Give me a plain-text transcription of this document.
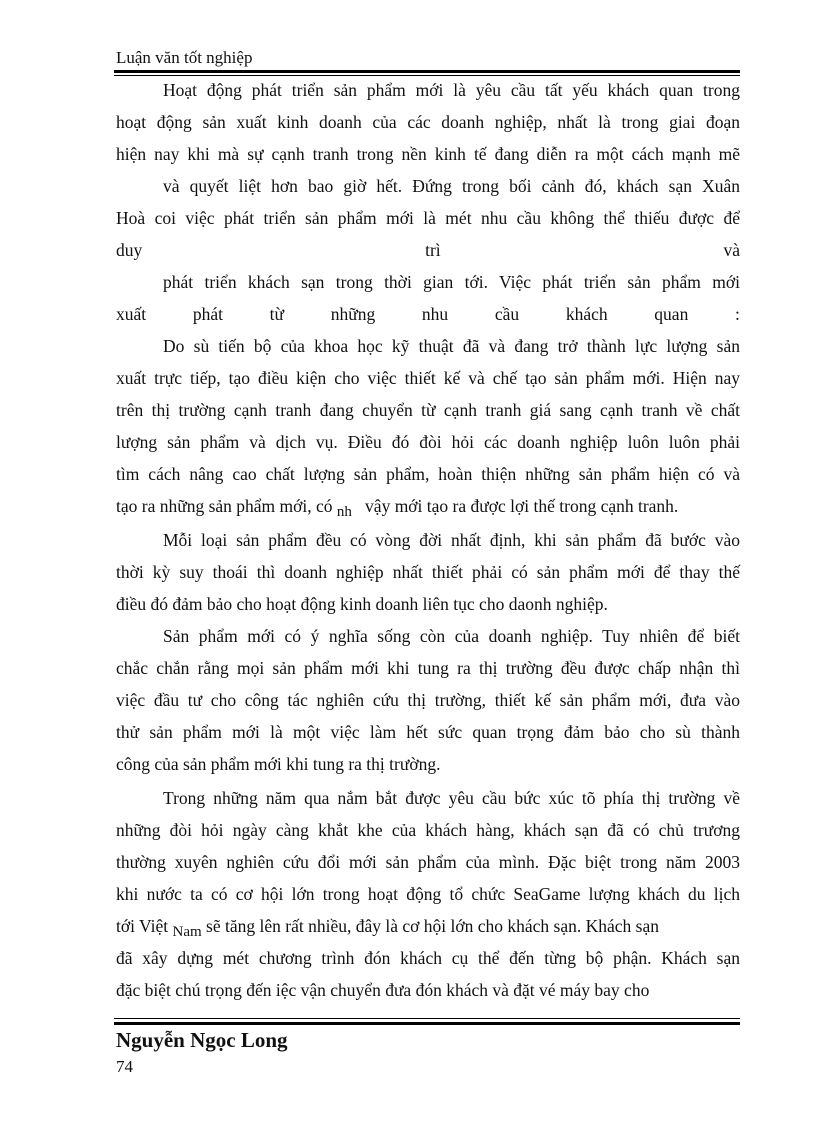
Luận văn tốt nghiệp
Hoạt động phát triển sản phẩm mới là yêu cầu tất yếu khách quan trong
hoạt động sản xuất kinh doanh của các doanh nghiệp, nhất là trong giai đoạn
hiện nay khi mà sự cạnh tranh trong nền kinh tế đang diễn ra một cách mạnh mẽ
và quyết liệt hơn bao giờ hết. Đứng trong bối cảnh đó, khách sạn Xuân
Hoà coi việc phát triển sản phẩm mới là mét nhu cầu không thể thiếu được để
duy	trì	và
phát triển khách sạn trong thời gian tới. Việc phát triển sản phẩm mới
xuất	phát	từ	những	nhu	cầu	khách	quan	:
Do sù tiến bộ của khoa học kỹ thuật đã và đang trở thành lực lượng sản
xuất trực tiếp, tạo điều kiện cho việc thiết kế và chế tạo sản phẩm mới. Hiện nay
trên thị trường cạnh tranh đang chuyển từ cạnh tranh giá sang cạnh tranh về chất
lượng sản phẩm và dịch vụ. Điều đó đòi hỏi các doanh nghiệp luôn luôn phải
tìm cách nâng cao chất lượng sản phẩm, hoàn thiện những sản phẩm hiện có và
tạo ra những sản phẩm mới, có nh vậy mới tạo ra được lợi thế trong cạnh tranh.
Mỗi loại sản phẩm đều có vòng đời nhất định, khi sản phẩm đã bước vào
thời kỳ suy thoái thì doanh nghiệp nhất thiết phải có sản phẩm mới để thay thế
điều đó đảm bảo cho hoạt động kinh doanh liên tục cho daonh nghiệp.
Sản phẩm mới có ý nghĩa sống còn của doanh nghiệp. Tuy nhiên để biết
chắc chắn rằng mọi sản phẩm mới khi tung ra thị trường đều được chấp nhận thì
việc đầu tư cho công tác nghiên cứu thị trường, thiết kế sản phẩm mới, đưa vào
thử sản phẩm mới là một việc làm hết sức quan trọng đảm bảo cho sù thành
công của sản phẩm mới khi tung ra thị trường.
Trong những năm qua nắm bắt được yêu cầu bức xúc tõ phía thị trường về
những đòi hỏi ngày càng khắt khe của khách hàng, khách sạn đã có chủ trương
thường xuyên nghiên cứu đổi mới sản phẩm của mình. Đặc biệt trong năm 2003
khi nước ta có cơ hội lớn trong hoạt động tổ chức SeaGame lượng khách du lịch
tới Việt Nam sẽ tăng lên rất nhiều, đây là cơ hội lớn cho khách sạn. Khách sạn
đã xây dựng mét chương trình đón khách cụ thể đến từng bộ phận. Khách sạn
đặc biệt chú trọng đến iệc vận chuyển đưa đón khách và đặt vé máy bay cho
Nguyễn Ngọc Long
74
